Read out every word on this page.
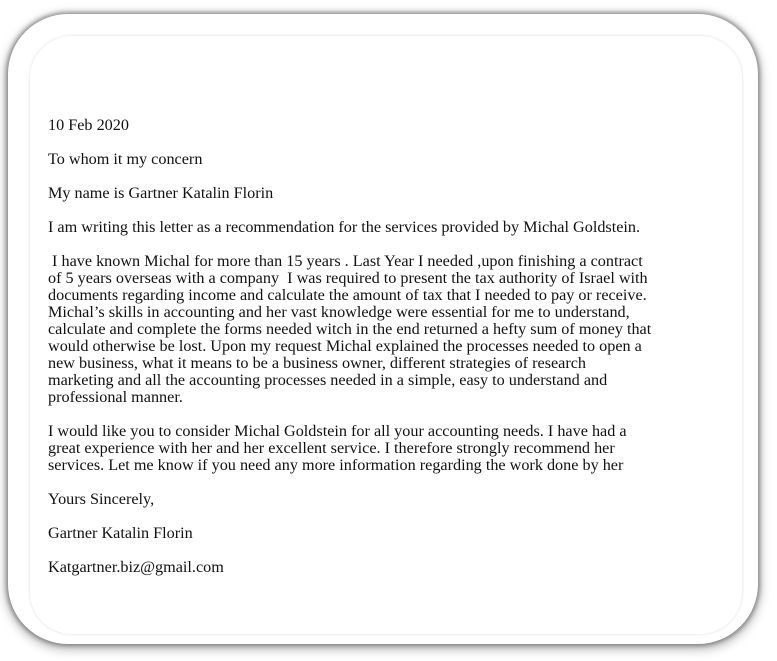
10 Feb 2020

To whom it my concern

My name is Gartner Katalin Florin

I am writing this letter as a recommendation for the services provided by Michal Goldstein.

I have known Michal for more than 15 years . Last Year I needed ,upon finishing a contract
of 5 years overseas with a company  I was required to present the tax authority of Israel with
documents regarding income and calculate the amount of tax that I needed to pay or receive.
Michal’s skills in accounting and her vast knowledge were essential for me to understand,
calculate and complete the forms needed witch in the end returned a hefty sum of money that
would otherwise be lost. Upon my request Michal explained the processes needed to open a
new business, what it means to be a business owner, different strategies of research
marketing and all the accounting processes needed in a simple, easy to understand and
professional manner.

I would like you to consider Michal Goldstein for all your accounting needs. I have had a
great experience with her and her excellent service. I therefore strongly recommend her
services. Let me know if you need any more information regarding the work done by her

Yours Sincerely,

Gartner Katalin Florin

Katgartner.biz@gmail.com
